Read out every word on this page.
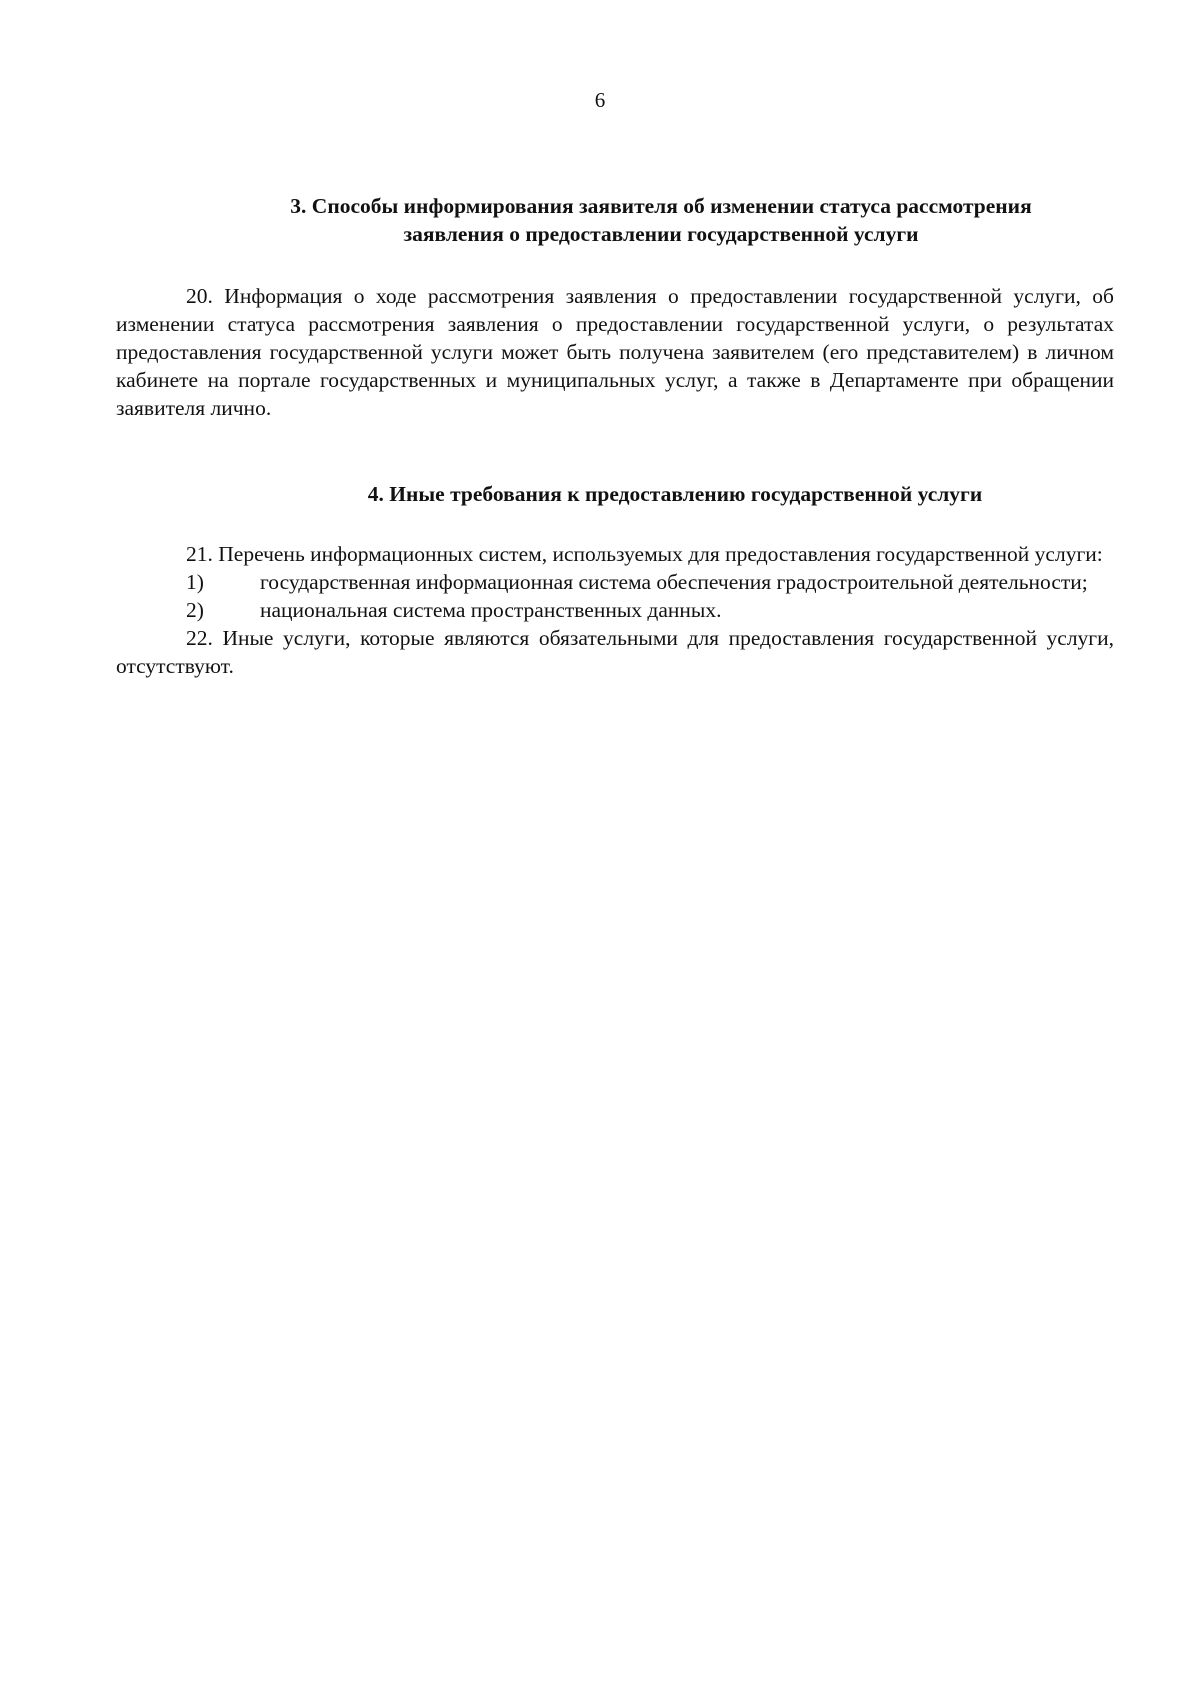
6
3. Способы информирования заявителя об изменении статуса рассмотрения
заявления о предоставлении государственной услуги

20. Информация о ходе рассмотрения заявления о предоставлении государственной услуги, об изменении статуса рассмотрения заявления о предоставлении государственной услуги, о результатах предоставления государственной услуги может быть получена заявителем (его представителем) в личном кабинете на портале государственных и муниципальных услуг, а также в Департаменте при обращении заявителя лично.

4. Иные требования к предоставлению государственной услуги

21. Перечень информационных систем, используемых для предоставления государственной услуги:

1)	государственная информационная система обеспечения градостроительной деятельности;

2)	национальная система пространственных данных.

22. Иные услуги, которые являются обязательными для предоставления государственной услуги, отсутствуют.
